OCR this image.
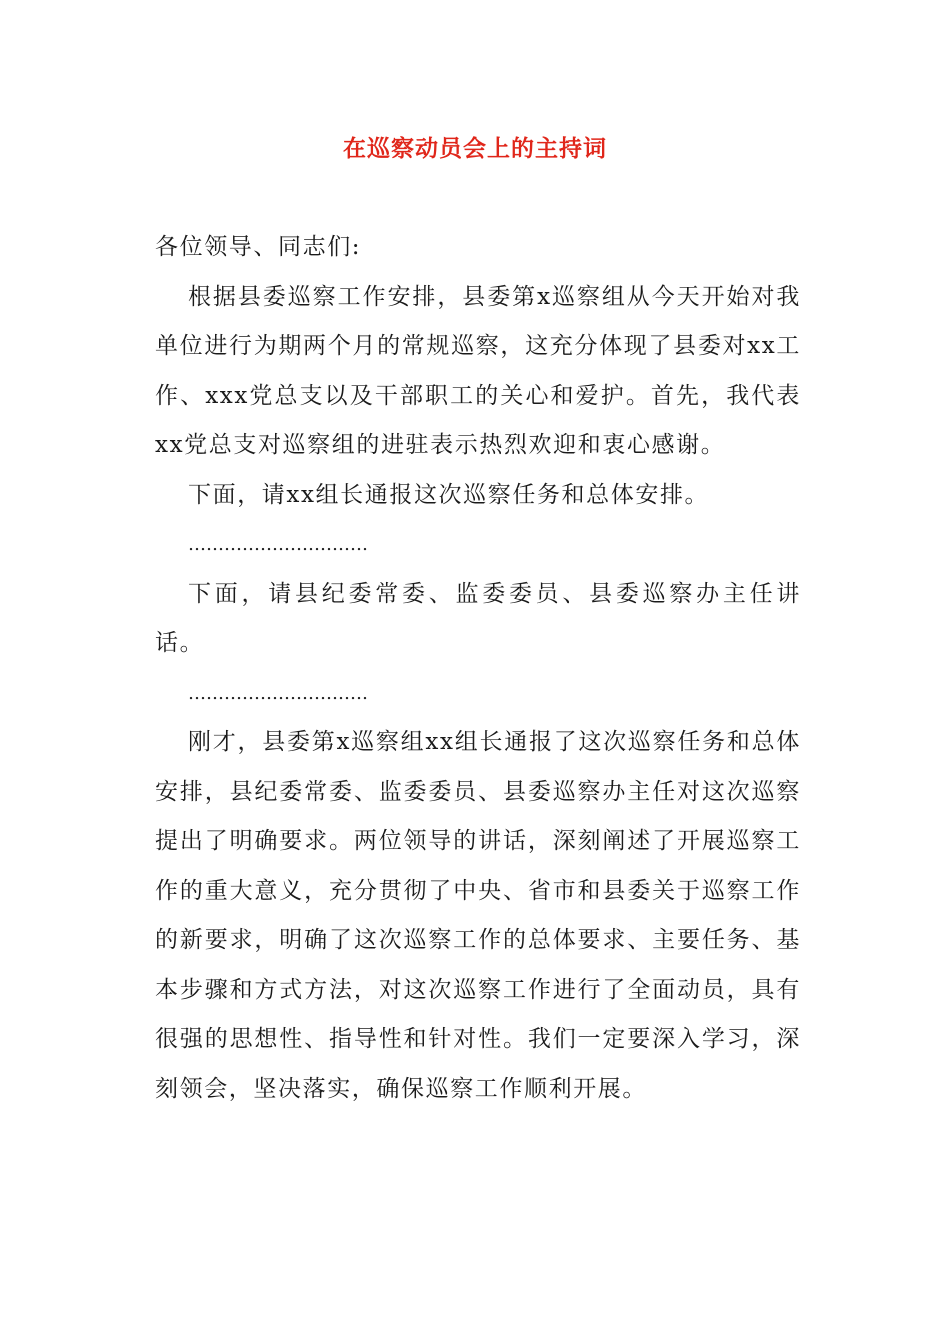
在巡察动员会上的主持词

各位领导、同志们:

根据县委巡察工作安排，县委第x巡察组从今天开始对我单位进行为期两个月的常规巡察，这充分体现了县委对xx工作、xxx党总支以及干部职工的关心和爱护。首先，我代表xx党总支对巡察组的进驻表示热烈欢迎和衷心感谢。

下面，请xx组长通报这次巡察任务和总体安排。

…………………………

下面，请县纪委常委、监委委员、县委巡察办主任讲话。

…………………………

刚才，县委第x巡察组xx组长通报了这次巡察任务和总体安排，县纪委常委、监委委员、县委巡察办主任对这次巡察提出了明确要求。两位领导的讲话，深刻阐述了开展巡察工作的重大意义，充分贯彻了中央、省市和县委关于巡察工作的新要求，明确了这次巡察工作的总体要求、主要任务、基本步骤和方式方法，对这次巡察工作进行了全面动员，具有很强的思想性、指导性和针对性。我们一定要深入学习，深刻领会，坚决落实，确保巡察工作顺利开展。
